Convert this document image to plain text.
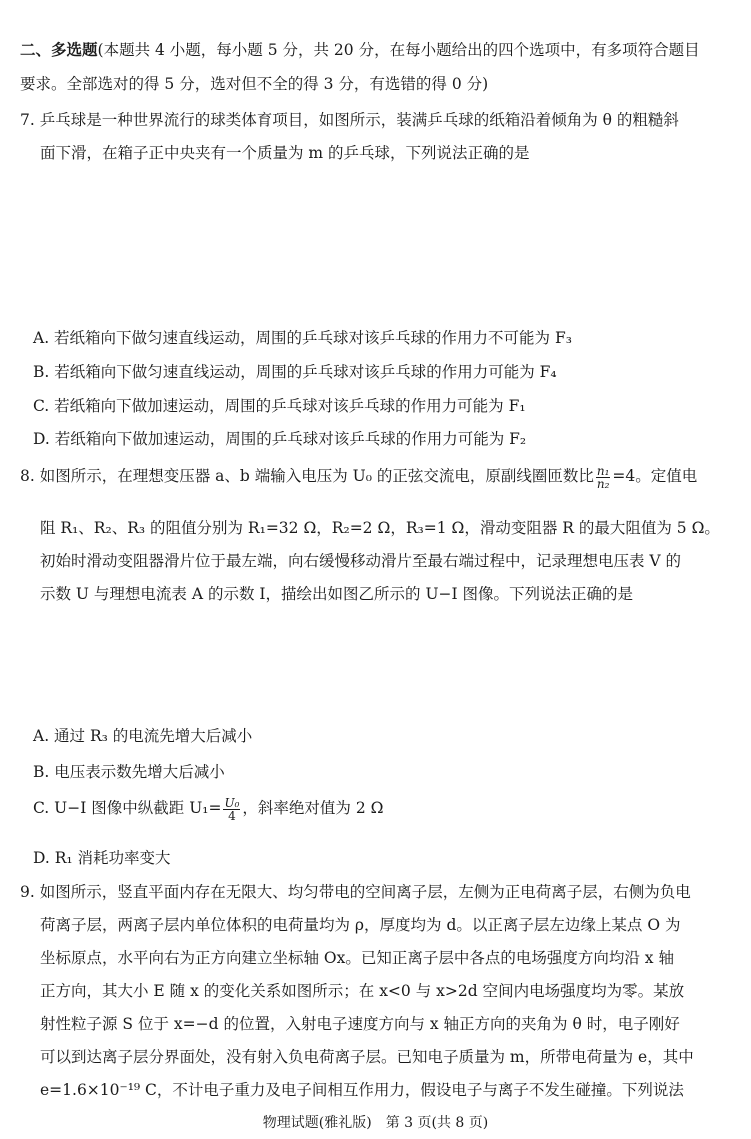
二、多选题(本题共 4 小题，每小题 5 分，共 20 分，在每小题给出的四个选项中，有多项符合题目
要求。全部选对的得 5 分，选对但不全的得 3 分，有选错的得 0 分)
7. 乒乓球是一种世界流行的球类体育项目，如图所示，装满乒乓球的纸箱沿着倾角为 θ 的粗糙斜
面下滑，在箱子正中央夹有一个质量为 m 的乒乓球，下列说法正确的是
A. 若纸箱向下做匀速直线运动，周围的乒乓球对该乒乓球的作用力不可能为 F₃
B. 若纸箱向下做匀速直线运动，周围的乒乓球对该乒乓球的作用力可能为 F₄
C. 若纸箱向下做加速运动，周围的乒乓球对该乒乓球的作用力可能为 F₁
D. 若纸箱向下做加速运动，周围的乒乓球对该乒乓球的作用力可能为 F₂
8. 如图所示，在理想变压器 a、b 端输入电压为 U₀ 的正弦交流电，原副线圈匝数比 $\frac{\text{n₁}}{\text{n₂}} =4$。定值电
阻 R₁、R₂、R₃ 的阻值分别为 R₁=32 Ω，R₂=2 Ω，R₃=1 Ω，滑动变阻器 R 的最大阻值为 5 Ω。
初始时滑动变阻器滑片位于最左端，向右缓慢移动滑片至最右端过程中，记录理想电压表 V 的
示数 U 与理想电流表 A 的示数 I，描绘出如图乙所示的 U−I 图像。下列说法正确的是
A. 通过 R₃ 的电流先增大后减小
B. 电压表示数先增大后减小
C. U−I 图像中纵截距 $U_1= \frac{\text{U₀}}{4}$ ，斜率绝对值为 2 Ω
D. R₁ 消耗功率变大
9. 如图所示，竖直平面内存在无限大、均匀带电的空间离子层，左侧为正电荷离子层，右侧为负电
荷离子层，两离子层内单位体积的电荷量均为 ρ，厚度均为 d。以正离子层左边缘上某点 O 为
坐标原点，水平向右为正方向建立坐标轴 Ox。已知正离子层中各点的电场强度方向均沿 x 轴
正方向，其大小 E 随 x 的变化关系如图所示；在 x<0 与 x>2d 空间内电场强度均为零。某放
射性粒子源 S 位于 x=−d 的位置，入射电子速度方向与 x 轴正方向的夹角为 θ 时，电子刚好
可以到达离子层分界面处，没有射入负电荷离子层。已知电子质量为 m，所带电荷量为 e，其中
e=1.6×10⁻¹⁹ C，不计电子重力及电子间相互作用力，假设电子与离子不发生碰撞。下列说法
物理试题(雅礼版)　第 3 页(共 8 页)
